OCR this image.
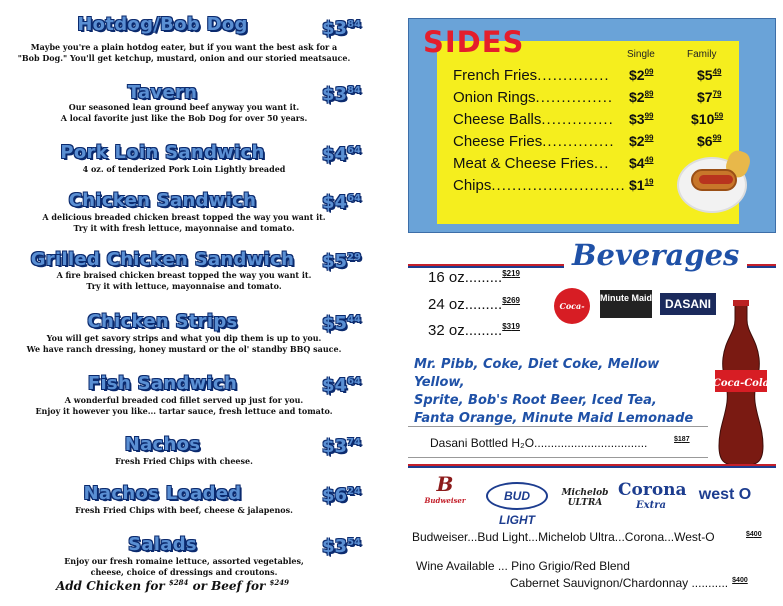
Hotdog/Bob Dog	$\$3^{84}$
Maybe you're a plain hotdog eater, but if you want the best ask for a
"Bob Dog." You'll get ketchup, mustard, onion and our storied meatsauce.
Tavern	$\$3^{84}$
Our seasoned lean ground beef anyway you want it.
A local favorite just like the Bob Dog for over 50 years.
Pork Loin Sandwich	$\$4^{64}$
4 oz. of tenderized Pork Loin Lightly breaded
Chicken Sandwich	$\$4^{64}$
A delicious breaded chicken breast topped the way you want it.
Try it with fresh lettuce, mayonnaise and tomato.
Grilled Chicken Sandwich	$\$5^{29}$
A fire braised chicken breast topped the way you want it.
Try it with lettuce, mayonnaise and tomato.
Chicken Strips	$\$5^{44}$
You will get savory strips and what you dip them is up to you.
We have ranch dressing, honey mustard or the ol' standby BBQ sauce.
Fish Sandwich	$\$4^{64}$
A wonderful breaded cod fillet served up just for you.
Enjoy it however you like... tartar sauce, fresh lettuce and tomato.
Nachos	$\$3^{74}$
Fresh Fried Chips with cheese.
Nachos Loaded	$\$6^{24}$
Fresh Fried Chips with beef, cheese & jalapenos.
Salads	$\$3^{54}$
Enjoy our fresh romaine lettuce, assorted vegetables,
cheese, choice of dressings and croutons.
Add Chicken for $^{\$284}$ or Beef for $^{\$249}$
Single	Family
French Fries.............. $\$2^{09}$	$\$5^{49}$
Onion Rings............... $\$2^{89}$	$\$7^{79}$
Cheese Balls.............. $\$3^{99}$	$\$10^{59}$
Cheese Fries.............. $\$2^{99}$	$\$6^{99}$
Meat & Cheese Fries... $\$4^{49}$
Chips.......................... $\$1^{19}$
SIDES
Beverages
16 oz.........$^{\$219}$
24 oz.........$^{\$269}$
32 oz.........$^{\$319}$
Coca-Cola
Minute Maid	DASANI
Coca-Cola
Mr. Pibb, Coke, Diet Coke, Mellow Yellow,
Sprite, Bob's Root Beer, Iced Tea,
Fanta Orange, Minute Maid Lemonade
Dasani Bottled H₂O..................................	$^{\$187}$
B
Budweiser	BUD LIGHT
Michelob ULTRA
Corona
Extra
west O
Budweiser...Bud Light...Michelob Ultra...Corona...West-O	$^{\$400}$
Wine Available ... Pino Grigio/Red Blend
Cabernet Sauvignon/Chardonnay ........... $^{\$400}$
